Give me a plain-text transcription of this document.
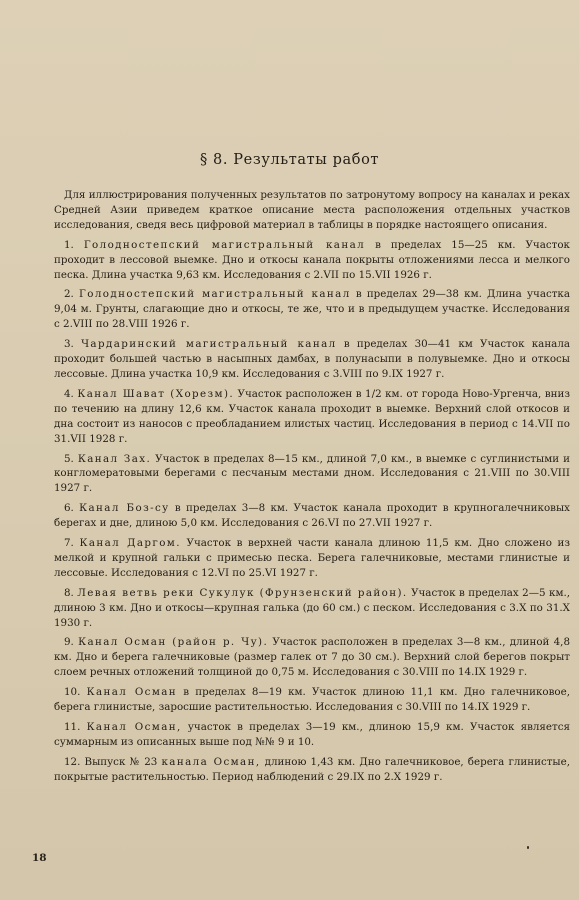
§ 8. Результаты работ

Для иллюстрирования полученных результатов по затронутому вопросу на каналах и реках Средней Азии приведем краткое описание места расположения отдельных участков исследования, сведя весь цифровой материал в таблицы в порядке настоящего описания.

1. Голодностепский магистральный канал в пределах 15—25 км. Участок проходит в лессовой выемке. Дно и откосы канала покрыты отложениями лесса и мелкого песка. Длина участка 9,63 км. Исследования с 2.VII по 15.VII 1926 г.

2. Голодностепский магистральный канал в пределах 29—38 км. Длина участка 9,04 м. Грунты, слагающие дно и откосы, те же, что и в предыдущем участке. Исследования с 2.VIII по 28.VIII 1926 г.

3. Чардаринский магистральный канал в пределах 30—41 км Участок канала проходит большей частью в насыпных дамбах, в полунасыпи в полувыемке. Дно и откосы лессовые. Длина участка 10,9 км. Исследования с 3.VIII по 9.IX 1927 г.

4. Канал Шават (Хорезм). Участок расположен в 1/2 км. от города Ново-Ургенча, вниз по течению на длину 12,6 км. Участок канала проходит в выемке. Верхний слой откосов и дна состоит из наносов с преобладанием илистых частиц. Исследования в период с 14.VII по 31.VII 1928 г.

5. Канал Зах. Участок в пределах 8—15 км., длиной 7,0 км., в выемке с суглинистыми и конгломератовыми берегами с песчаным местами дном. Исследования с 21.VIII по 30.VIII 1927 г.

6. Канал Боз-су в пределах 3—8 км. Участок канала проходит в крупногалечниковых берегах и дне, длиною 5,0 км. Исследования с 26.VI по 27.VII 1927 г.

7. Канал Даргом. Участок в верхней части канала длиною 11,5 км. Дно сложено из мелкой и крупной гальки с примесью песка. Берега галечниковые, местами глинистые и лессовые. Исследования с 12.VI по 25.VI 1927 г.

8. Левая ветвь реки Сукулук (Фрунзенский район). Участок в пределах 2—5 км., длиною 3 км. Дно и откосы—крупная галька (до 60 см.) с песком. Исследования с 3.Х по 31.Х 1930 г.

9. Канал Осман (район р. Чу). Участок расположен в пределах 3—8 км., длиной 4,8 км. Дно и берега галечниковые (размер галек от 7 до 30 см.). Верхний слой берегов покрыт слоем речных отложений толщиной до 0,75 м. Исследования с 30.VIII по 14.IX 1929 г.

10. Канал Осман в пределах 8—19 км. Участок длиною 11,1 км. Дно галечниковое, берега глинистые, заросшие растительностью. Исследования с 30.VIII по 14.IX 1929 г.

11. Канал Осман, участок в пределах 3—19 км., длиною 15,9 км. Участок является суммарным из описанных выше под №№ 9 и 10.

12. Выпуск № 23 канала Осман, длиною 1,43 км. Дно галечниковое, берега глинистые, покрытые растительностью. Период наблюдений с 29.IX по 2.Х 1929 г.

18
